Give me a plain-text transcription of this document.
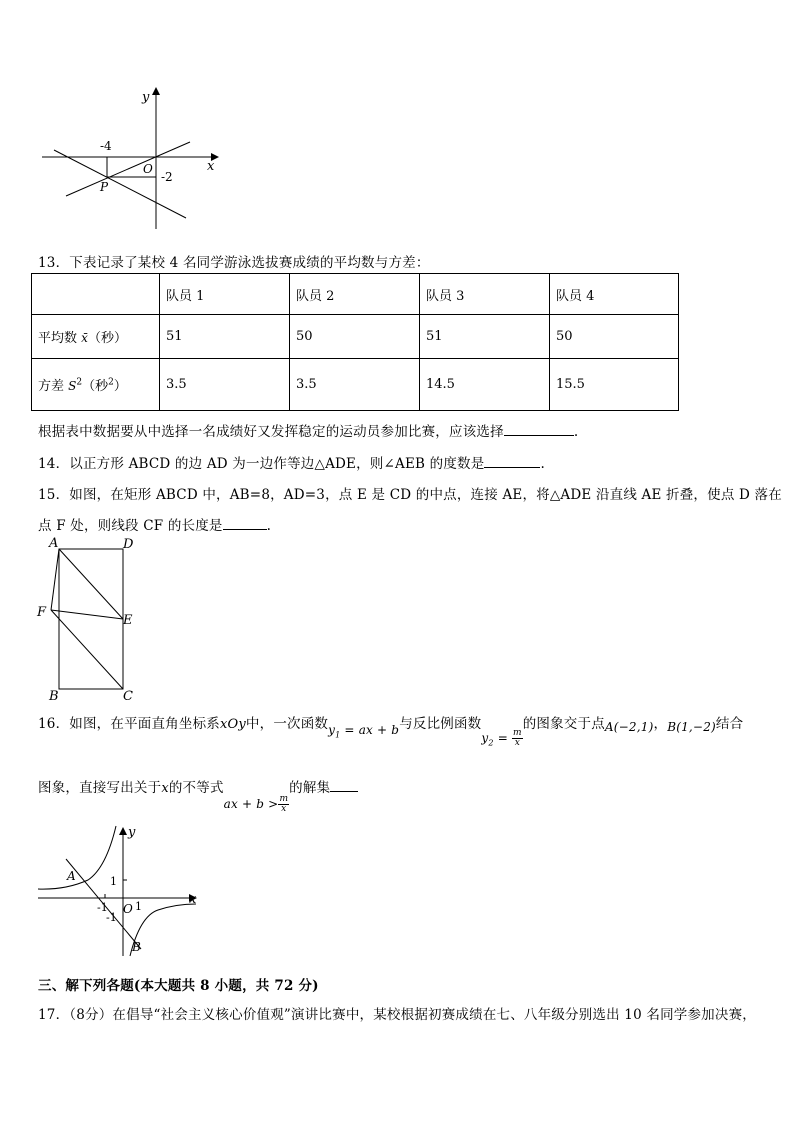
y
x
O
P
-4
-2
13．下表记录了某校 4 名同学游泳选拔赛成绩的平均数与方差：
	队员 1	队员 2	队员 3	队员 4
平均数 x̄（秒）	51	50	51	50
方差 $S^2$（秒$^2$）	3.5	3.5	14.5	15.5
根据表中数据要从中选择一名成绩好又发挥稳定的运动员参加比赛，应该选择	.
14．以正方形 ABCD 的边 AD 为一边作等边△ADE，则∠AEB 的度数是	.
15．如图，在矩形 ABCD 中，AB=8，AD=3，点 E 是 CD 的中点，连接 AE，将△ADE 沿直线 AE 折叠，使点 D 落在
点 F 处，则线段 CF 的长度是	.
A	D
F
E
B	C
16．如图，在平面直角坐标系xOy中，一次函数$y_1$ = ax + b与反比例函数$y_2 = \frac{m}{x}$
的图象交于点A(−2,1)，B(1,−2)结合
图象，直接写出关于x的不等式ax + $b > \frac{m}{x}$
的解集
y
x
A
B
O
1
-1 1
-1
三、解下列各题(本大题共 8 小题，共 72 分)
17．（8分）在倡导“社会主义核心价值观”演讲比赛中，某校根据初赛成绩在七、八年级分别选出 10 名同学参加决赛，
